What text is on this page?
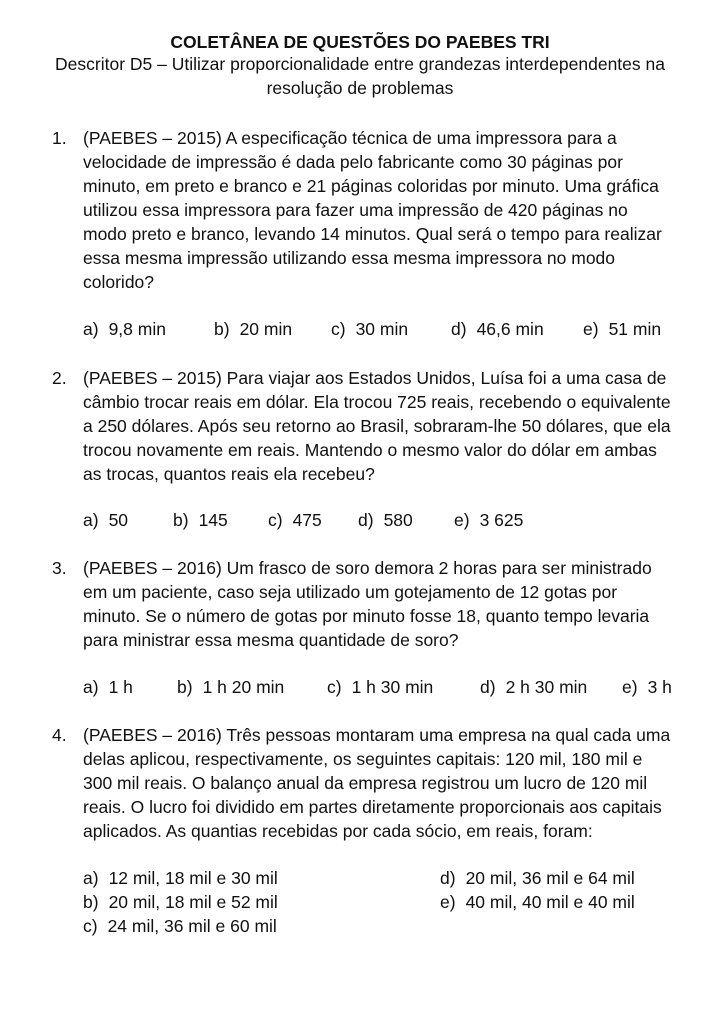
COLETÂNEA DE QUESTÕES DO PAEBES TRI
Descritor D5 – Utilizar proporcionalidade entre grandezas interdependentes na resolução de problemas
1. (PAEBES – 2015) A especificação técnica de uma impressora para a velocidade de impressão é dada pelo fabricante como 30 páginas por minuto, em preto e branco e 21 páginas coloridas por minuto. Uma gráfica utilizou essa impressora para fazer uma impressão de 420 páginas no modo preto e branco, levando 14 minutos. Qual será o tempo para realizar essa mesma impressão utilizando essa mesma impressora no modo colorido?
a) 9,8 min	b) 20 min c) 30 min d) 46,6 min e) 51 min
2. (PAEBES – 2015) Para viajar aos Estados Unidos, Luísa foi a uma casa de câmbio trocar reais em dólar. Ela trocou 725 reais, recebendo o equivalente a 250 dólares. Após seu retorno ao Brasil, sobraram-lhe 50 dólares, que ela trocou novamente em reais. Mantendo o mesmo valor do dólar em ambas as trocas, quantos reais ela recebeu?
a) 50	b) 145 c) 475 d) 580 e) 3 625
3. (PAEBES – 2016) Um frasco de soro demora 2 horas para ser ministrado em um paciente, caso seja utilizado um gotejamento de 12 gotas por minuto. Se o número de gotas por minuto fosse 18, quanto tempo levaria para ministrar essa mesma quantidade de soro?
a) 1 h	b) 1 h 20 min c) 1 h 30 min	d) 2 h 30 min e) 3 h
4. (PAEBES – 2016) Três pessoas montaram uma empresa na qual cada uma delas aplicou, respectivamente, os seguintes capitais: 120 mil, 180 mil e 300 mil reais. O balanço anual da empresa registrou um lucro de 120 mil reais. O lucro foi dividido em partes diretamente proporcionais aos capitais aplicados. As quantias recebidas por cada sócio, em reais, foram:
a) 12 mil, 18 mil e 30 mil
b) 20 mil, 18 mil e 52 mil
c) 24 mil, 36 mil e 60 mil
d) 20 mil, 36 mil e 64 mil
e) 40 mil, 40 mil e 40 mil
